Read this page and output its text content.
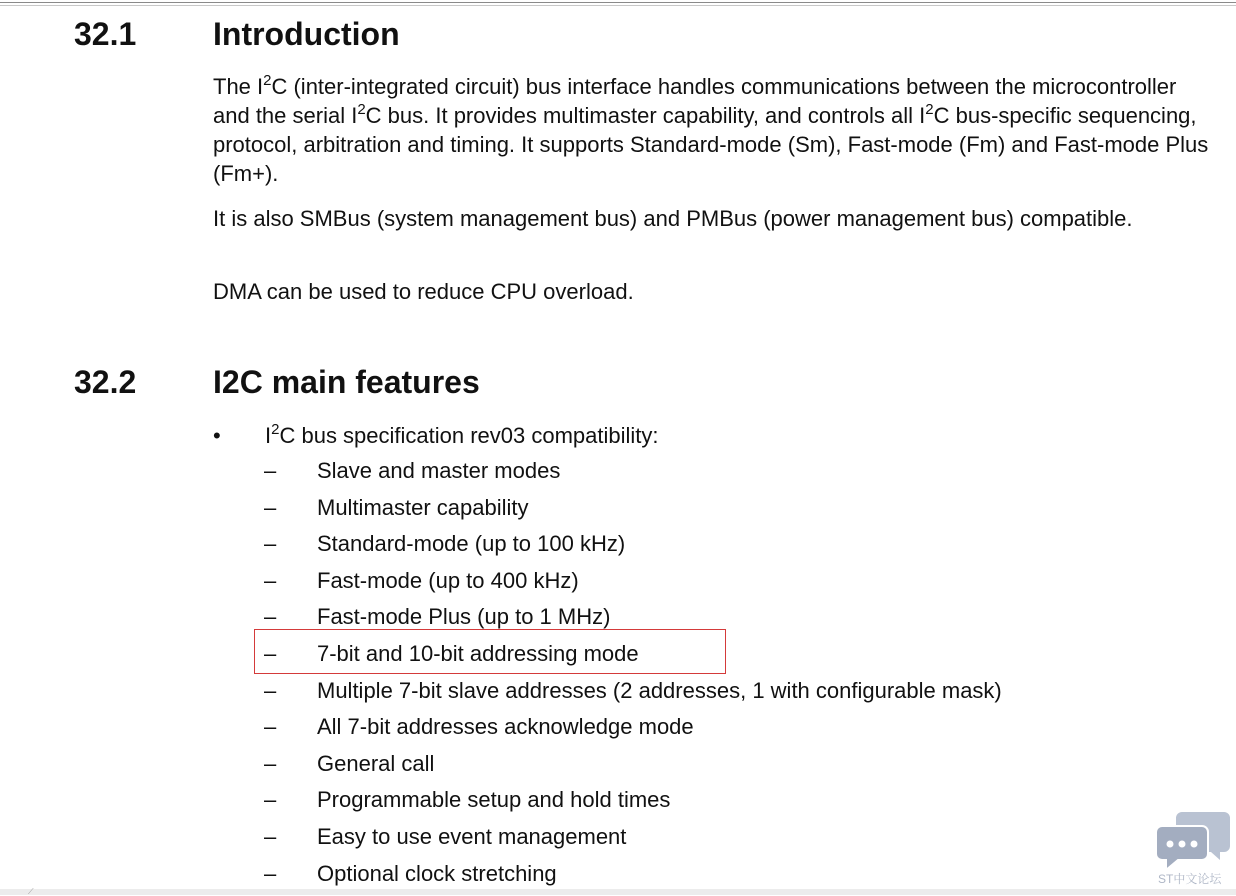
32.1 Introduction

The $I^2C$ (inter-integrated circuit) bus interface handles communications between the microcontroller and the serial $I^2C$ bus. It provides multimaster capability, and controls all $I^2C$ bus-specific sequencing, protocol, arbitration and timing. It supports Standard-mode (Sm), Fast-mode (Fm) and Fast-mode Plus (Fm+).

It is also SMBus (system management bus) and PMBus (power management bus) compatible.

DMA can be used to reduce CPU overload.

32.2 I2C main features
• $I^2C$ bus specification rev03 compatibility:
– Slave and master modes
– Multimaster capability
– Standard-mode (up to 100 kHz)
– Fast-mode (up to 400 kHz)
– Fast-mode Plus (up to 1 MHz)
– 7-bit and 10-bit addressing mode
– Multiple 7-bit slave addresses (2 addresses, 1 with configurable mask)
– All 7-bit addresses acknowledge mode
– General call
– Programmable setup and hold times
– Easy to use event management
– Optional clock stretching	ST中文论坛
⟋
